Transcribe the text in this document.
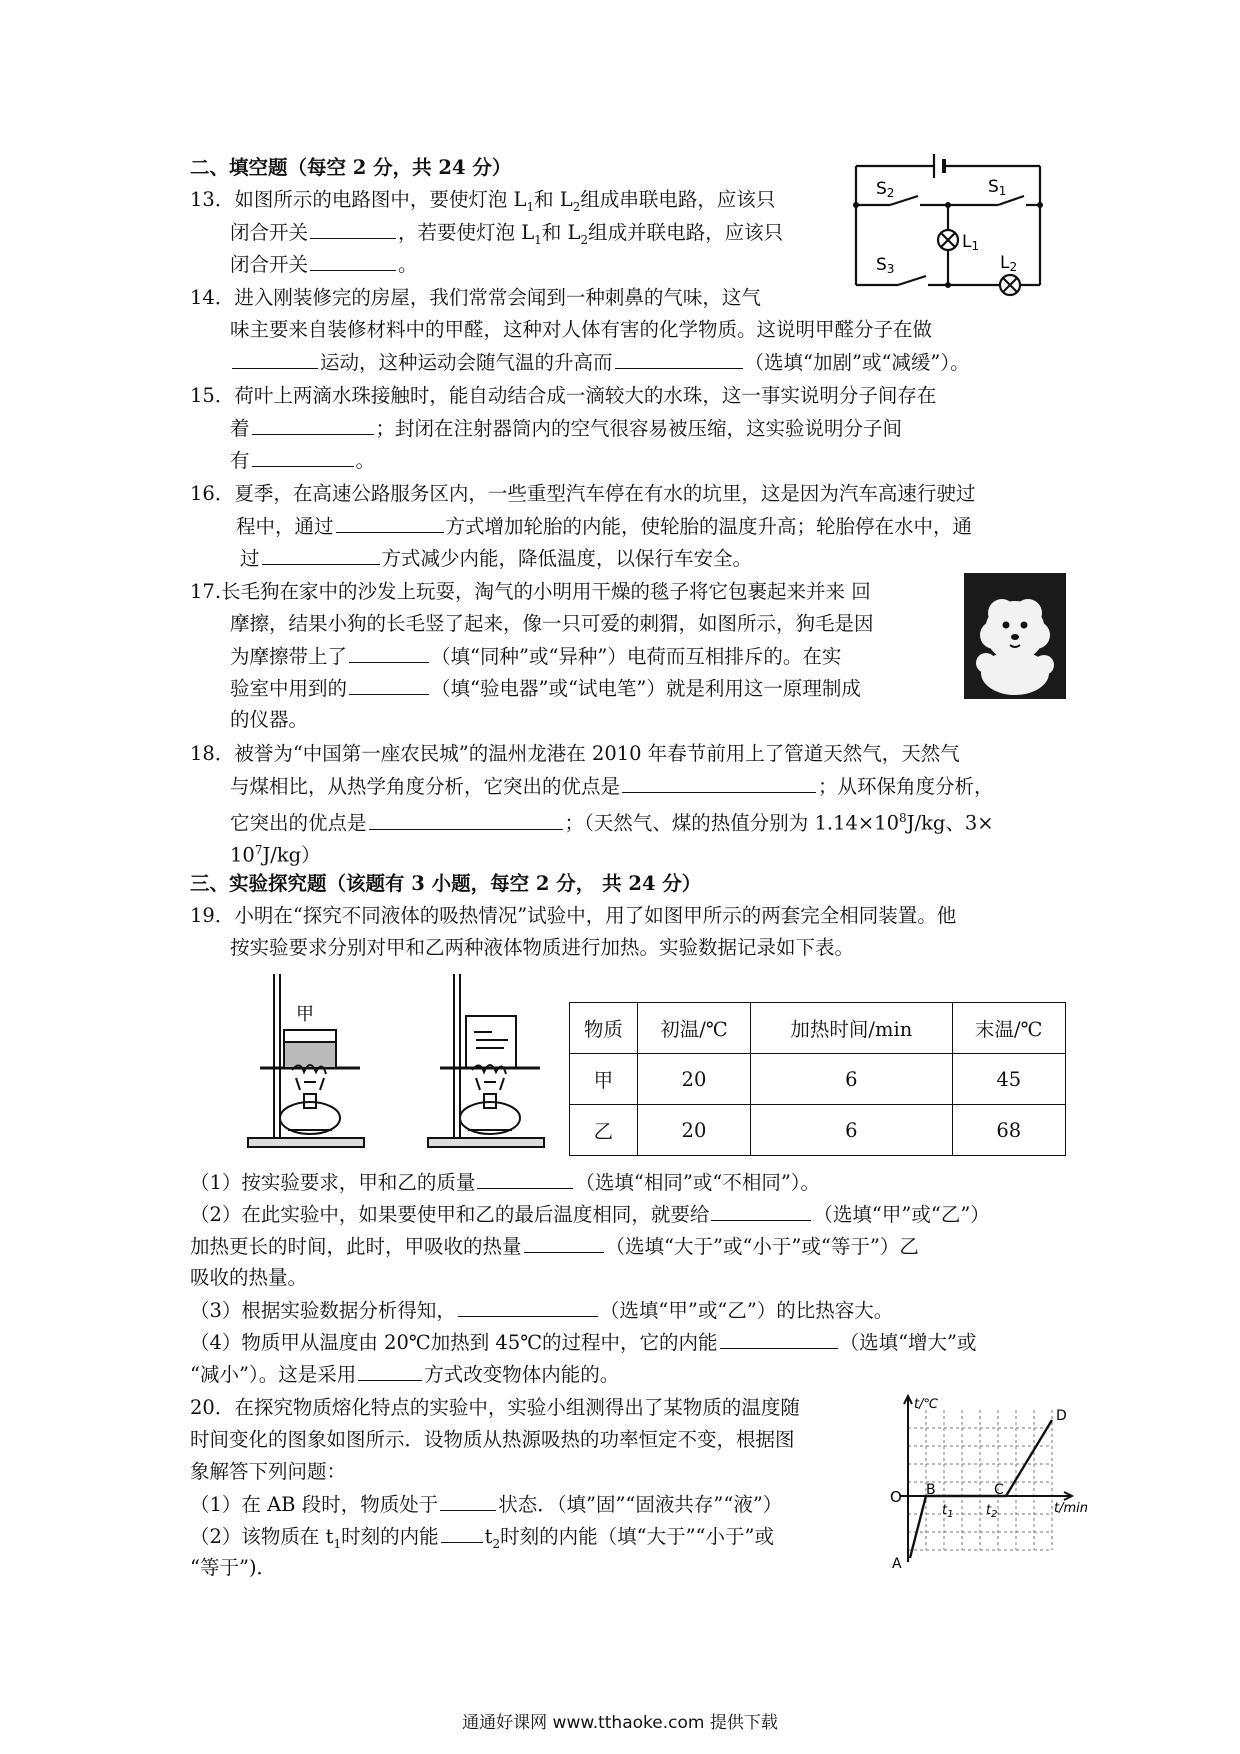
二、填空题（每空 2 分，共 24 分）
13．如图所示的电路图中，要使灯泡 $L_1$和 $L_2$组成串联电路，应该只
闭合开关	，若要使灯泡 $L_1$和 $L_2$组成并联电路，应该只
闭合开关	。
S2	S1
L1
S3	L2
14．进入刚装修完的房屋，我们常常会闻到一种刺鼻的气味，这气
味主要来自装修材料中的甲醛，这种对人体有害的化学物质。这说明甲醛分子在做
运动，这种运动会随气温的升高而	（选填“加剧”或“减缓”）。
15．荷叶上两滴水珠接触时，能自动结合成一滴较大的水珠，这一事实说明分子间存在
着	；封闭在注射器筒内的空气很容易被压缩，这实验说明分子间
有	。
16．夏季，在高速公路服务区内，一些重型汽车停在有水的坑里，这是因为汽车高速行驶过
程中，通过	方式增加轮胎的内能，使轮胎的温度升高；轮胎停在水中，通
过	方式减少内能，降低温度，以保行车安全。
17.长毛狗在家中的沙发上玩耍，淘气的小明用干燥的毯子将它包裹起来并来 回
摩擦，结果小狗的长毛竖了起来，像一只可爱的刺猬，如图所示，狗毛是因
为摩擦带上了	（填“同种”或“异种”）电荷而互相排斥的。在实
验室中用到的	（填“验电器”或“试电笔”）就是利用这一原理制成
的仪器。
18．被誉为“中国第一座农民城”的温州龙港在 2010 年春节前用上了管道天然气，天然气
与煤相比，从热学角度分析，它突出的优点是	；从环保角度分析，
它突出的优点是	；（天然气、煤的热值分别为 $1.14\times 10^8J/kg$、3×
$10^7J/kg$）
三、实验探究题（该题有 3 小题，每空 2 分， 共 24 分）
19．小明在“探究不同液体的吸热情况”试验中，用了如图甲所示的两套完全相同装置。他
按实验要求分别对甲和乙两种液体物质进行加热。实验数据记录如下表。
甲
物质	初温/℃	加热时间/min	末温/℃
甲	20	6	45
乙	20	6	68
（1）按实验要求，甲和乙的质量	（选填“相同”或“不相同”）。
（2）在此实验中，如果要使甲和乙的最后温度相同，就要给	（选填“甲”或“乙”）
加热更长的时间，此时，甲吸收的热量	（选填“大于”或“小于”或“等于”）乙
吸收的热量。
（3）根据实验数据分析得知，	（选填“甲”或“乙”）的比热容大。
（4）物质甲从温度由 20℃加热到 45℃的过程中，它的内能	（选填“增大”或
“减小”）。这是采用	方式改变物体内能的。
20．在探究物质熔化特点的实验中，实验小组测得出了某物质的温度随
时间变化的图象如图所示．设物质从热源吸热的功率恒定不变，根据图
象解答下列问题：
（1）在 AB 段时，物质处于	状态．（填”固”“固液共存”“液”）
（2）该物质在 $t_1$时刻的内能 $t_2$时刻的内能（填“大于”“小于”或
“等于”)．
t/℃
t/min
O
A
B	C
D
$t_1$	$t_2$
通通好课网 www.tthaoke.com 提供下载
